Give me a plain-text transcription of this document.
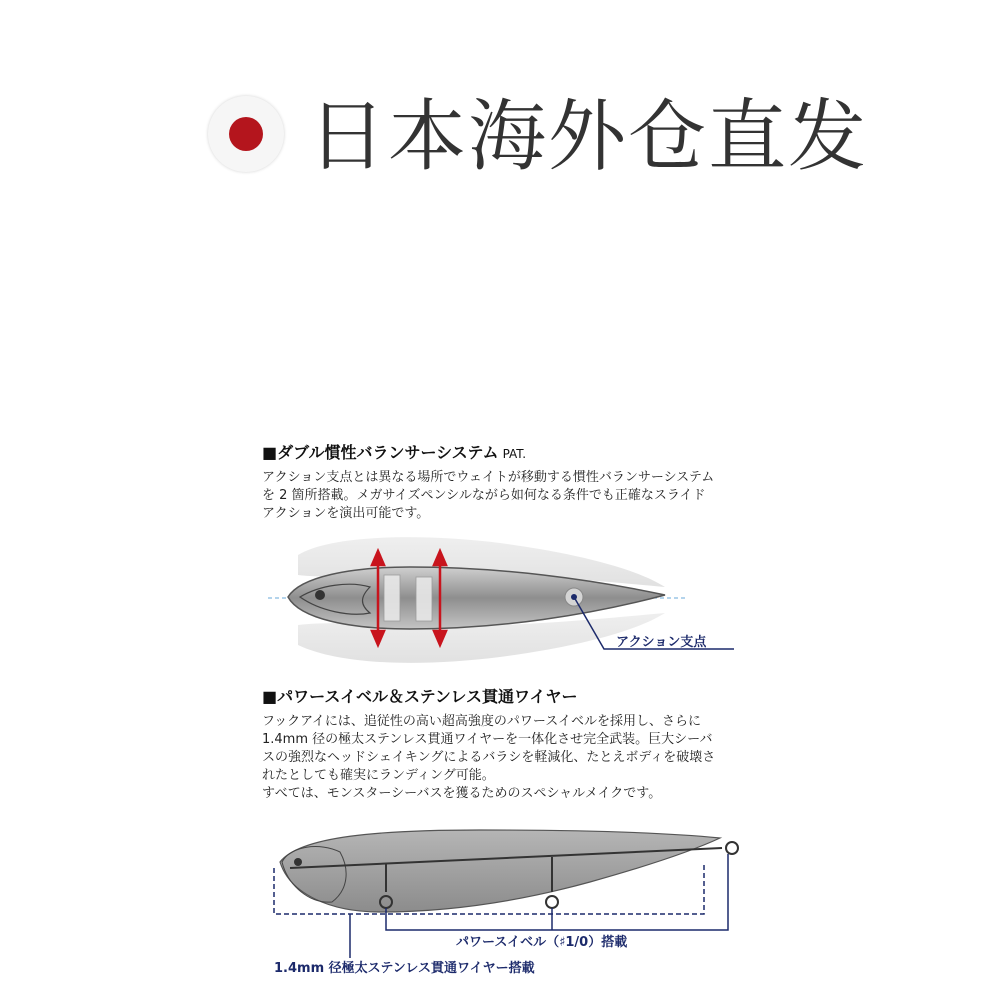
日本海外仓直发
■ダブル慣性バランサーシステム PAT.
アクション支点とは異なる場所でウェイトが移動する慣性バランサーシステム
を 2 箇所搭載。メガサイズペンシルながら如何なる条件でも正確なスライド
アクションを演出可能です。
アクション支点
■パワースイベル＆ステンレス貫通ワイヤー
フックアイには、追従性の高い超高強度のパワースイベルを採用し、さらに
1.4mm 径の極太ステンレス貫通ワイヤーを一体化させ完全武装。巨大シーバ
スの強烈なヘッドシェイキングによるバラシを軽減化、たとえボディを破壊さ
れたとしても確実にランディング可能。
すべては、モンスターシーバスを獲るためのスペシャルメイクです。
パワースイベル（♯1/0）搭載
1.4mm 径極太ステンレス貫通ワイヤー搭載
